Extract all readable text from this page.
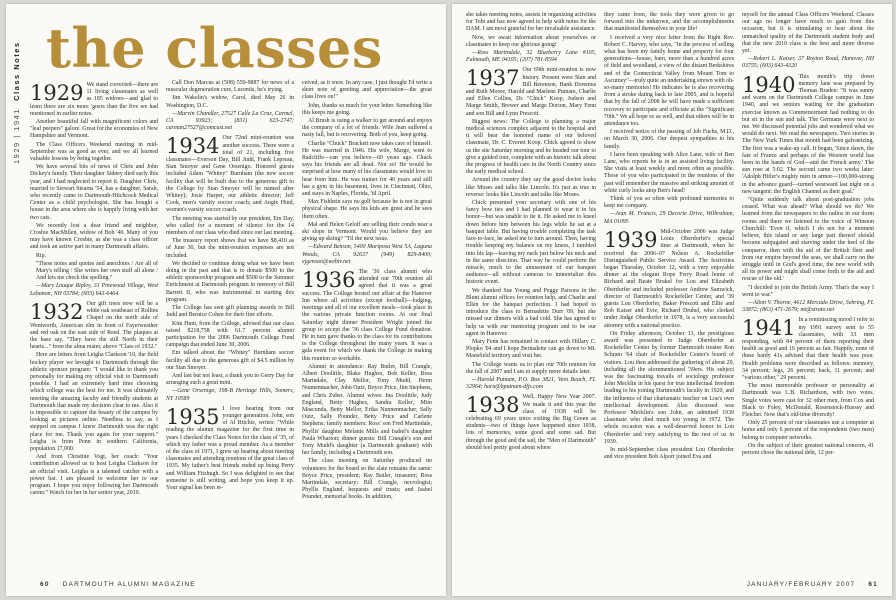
1929 | 1941  Class Notes the classes

1929 We stand corrected—there are 11 living classmates as well as 185 widows—and glad to learn there are six more 'goers than the five we had mentioned in earlier notes.

Another beautiful fall with magnificent colors and "leaf peepers" galore. Great for the economies of New Hampshire and Vermont.

The Class Officers Weekend meeting in mid-September was as good as ever, and we all learned valuable lessons by being together.

We have several bits of news of Chris and John Dickey's family. Their daughter Sidney died early this year, and I had neglected to report it. Daughter Chris, married to Stewart Stearns '54, has a daughter, Sarah, who recently came to Dartmouth-Hitchcock Medical Center as a child psychologist. She has bought a house in the area where she is happily living with her two cats.

We recently lost a dear friend and neighbor, Crosbie MacMillen, widow of Bob '40. Many of you may have known Crosbie, as she was a class officer and took an active part in many Dartmouth affairs.

Rip.

"These notes and quotes and anecdotes / Are all of Mary's telling / She writes her own stuff all alone / And lets me check the spelling."

—Mary Louque Ripley, 31 Pinewood Village, West Lebanon, NH 03784; (603) 643-6464

1932 Our gift trees now will be a white oak southeast of Rollins Chapel on the north side of Wentworth, American elm in front of Fayerweather and red oak on the east side of Reed. The plaques at the base say, "They have the still North in their hearts..." from the alma mater, above "Class of 1932."

Here are letters from Leigha Clarkson '10, the field hockey player we brought to Dartmouth through the athletic sponsor program: "I would like to thank you personally for making my official visit to Dartmouth possible. I had an extremely hard time choosing which college was the best for me. It was ultimately meeting the amazing faculty and friendly students at Dartmouth that made my decision clear to me. Also it is impossible to capture the beauty of the campus by looking at pictures online. Needless to say, as I stepped on campus I knew Dartmouth was the right place for me. Thank you again for your support." Leigha is from Penn in southern California, population 17,000.

And from Christine Vogt, her coach: "Your contribution allowed us to host Leigha Clarkson for an official visit. Leigha is a talented catcher with a power bat. I am pleased to welcome her to our program. I hope you enjoy following her Dartmouth career." Watch for her in her senior year, 2010.

Call Don Marcus at (508) 559-9887 for news of a muscular degeneration cure, Lucentis, he's trying.

Jim Wakelin's widow, Carol, died May 26 in Washington, D.C.

—Marvin Chandler, 27527 Calle La Cruz, Carmel, CA 93923; (831) 623-2747; carman27527@comcast.net

1934 Our 72nd mini-reunion was another success. There were a total of 21, including five classmates—Everson Day, Bill Judd, Frank Lepreau, Stan Smoyer and Gene Orsenigo. Honored guests included Adam "Whitey" Burnham (the new soccer facility that will be built due to the generous gift to the College by Stan Smoyer will be named after Whitey); Josie Harper, our athletic director; Jeff Cook, men's varsity soccer coach; and Angie Hind, women's varsity soccer coach.

The meeting was started by our president, Em Day, who called for a moment of silence for the 14 members of our class who died since our last meeting.

The treasury report shows that we have $8,410 as of June 30, but the mini-reunion expenses are not included.

We decided to continue doing what we have been doing in the past and that is to donate $500 to the athletic sponsorship program and $500 to the Summer Enrichment at Dartmouth program in memory of Bill Barrett II, who was instrumental in starting this program.

The College has sent gift planning awards to Bill Judd and Bernice Cohen for their fine efforts.

Kim Hunt, from the College, advised that our class raised $218,758 with 61.7 percent alumni participation for the 2006 Dartmouth College Fund campaign that ended June 30, 2006.

Em talked about the "Whitey" Burnham soccer facility all due to the generous gift of $4.5 million by our Stan Smoyer.

And last but not least, a thank you to Gerry Day for arranging such a great mini.

—Gene Orsenigo, 198-B Heritage Hills, Somers, NY 10589

1935 I love hearing from our younger generation. John, son of Al Ritchie, writes: "While reading the alumni magazine for the first time in years I checked the Class Notes for the class of '35, of which my father was a proud member. As a member of the class of 1971, I grew up hearing about meeting classmates and attending reunions of the great class of 1935. My father's best friends ended up being Perry and William Fitzhugh. So I was delighted to see that someone is still writing, and hope you keep it up. Your signal has been re-

ceived, as it were. In any case, I just thought I'd write a short note of greeting and appreciation—the great class lives on!"

John, thanks so much for your letter. Something like this keeps me going.

Al Brush is using a walker to get around and enjoys the company of a lot of friends. Wife Jean suffered a nasty fall, but is recovering. Both of you, keep going.

Charlie "Chuck" Brackett now takes care of himself. He was married in 1946. His wife, Marge, went to Radcliffe—can you believe—60 years ago. Chuck says his friends are all dead. Not so! He would be surprised at how many of his classmates would love to hear from him. He was trainer for 40 years and still has a gym in his basement, lives in Cincinnati, Ohio, and stays in Naples, Florida, 'til April.

Max Fishbein says no golf because he is not in great physical shape. He says his kids are great and he sees them often.

Mal and Helen Geloff are selling their condo near a ski slope in Vermont. Would you believe they are giving up skiing? "Til the next issue.

—Edward Benson, 5400 Mariposa West 5A, Laguna Woods, CA 92637 (949) 829-8400; ejgenson@webtv.net

1936 The '36 class alumni who attended our 70th reunion all agreed that it was a great success. The College hosted our affair at the Hanover Inn where all activities (except football)—lodging, meetings and all of our excellent meals—took place in the various private function rooms. At our final Saturday night dinner President Wright joined the group to accept the '36 class College Fund donation. He in turn gave thanks to the class for its contributions to the College throughout the many years. It was a gala event for which we thank the College in making this reunion so workable.

Alumni in attendance: Ray Butler, Bill Crangle, Albert Doolittle, Blake Hughes, Bob Keller, Ross Marindale, Clay Mellor, Tony Mudd, Herm Nunnenmacher, John Outz, Boyce Price, Jim Stephens, and Chris Zuber. Alumni wives: Ina Doolittle, Judy England, Betty Hughes, Sandra Keller, Mim Mascunda, Betty Mellor, Erika Nunnenmacher, Sally Outz, Sally Pounder, Betty Price and Carlene Stephens; family members: Ross' son Fred Martindale, Phyllis' daughter Melanie Mills and Isabel's daughter Paula Wharton; dinner guests: Bill Crangle's son and Tony Mudd's daughter (a Dartmouth graduate) with her family, including a Dartmouth son.

The class meeting on Saturday produced no volunteers for the board so the slate remains the same: Boyce Price, president; Ray Butler, treasurer; Ross Martindale, secretary; Bill Crangle, necrologist; Phyllis England, bequests and trusts; and Isabel Pounder, memorial books. In addition,

60 DARTMOUTH ALUMNI MAGAZINE

she takes meeting notes, assists in organizing activities for Tobi and has now agreed to help with notes for the DAM. I am most grateful for her invaluable assistance.

Now, we await information about yourselves or classmates to keep our glorious going!

—Ross Martindale, 32 Blueberry Lane #105, Falmouth, ME 04105; (207) 781-8594

1937 Our 69th mini-reunion is now history. Present were Stan and Bill Berenson, Hank Doremus and Ruth Moore, Harold and Marlene Putnam, Charlie and Ellen Collins, Dr. "Chick" Koop, Judson and Marge Smith, Brewer and Marge Dorion, Mary Fenn and son Bill and Lynn Prescott.

Biggest news: The College is planning a major medical sciences complex adjacent to the hospital and it will bear the honored name of our beloved classmate, Dr. C. Everett Koop. Chick agreed to show us the site Saturday morning and he headed our tour to give a guided tour, complete with an historic talk about the progress of health care in the North Country since the early medical school.

Around the country they say the good doctor looks like Moses and talks like Lincoln. It's just as true in reverse: looks like Lincoln and talks like Moses.

Chick presented your secretary with one of his fancy bow ties and I had planned to wear it in his honor—but was unable to tie it. He asked me to kneel down before him between his legs while he sat at a banquet table. But having trouble completing the task face-to-face, he asked me to turn around. Then, having trouble keeping my balance on my knees, I tumbled into his lap—leaving my neck just below his neck and in the same direction. That way he could perform the miracle, much to the amusement of our banquet audience—all without cameras to immortalize this historic event.

We thanked Sue Young and Peggy Parsons in the Blunt alumni offices for reunion help, and Charlie and Ellen for the banquet perfection. I had hoped to introduce the class to Bernadette Durr '09, but she missed our dinners with a bad cold. She has agreed to help us with our mentoring program and to be our agent in Hanover.

Mary Fenn has remained in contact with Hillary C. Plopko '04 and I hope Bernadette can go down to Mt. Mansfield territory and visit her.

The College wants us to plan our 70th reunion for the fall of 2007 and I am to supply more details later.

—Harold Putnam, P.O. Box 3821, Vero Beach, FL 32964; hara@hputnam-dfjs.com

1938 Well, Happy New Year 2007. We made it and this year the class of 1938 will be celebrating 69 years since exiting the Big Green as students—two of things have happened since 1938, lots of memories, some good and some sad. But through the good and the sad, the "Men of Dartmouth" should feel pretty good about where

they came from, the tools they were given to go forward into the unknown, and the accomplishments that manifested themselves in your life!

I received a very nice letter from the Right Rev. Robert C. Harvey, who says, "In the process of selling what has been my family home and property for four generations—house, barn, more than a hundred acres of field and woodland, a view of the distant Berkshires and of the Connecticut Valley from Mount Tom to Ascutney"—truly quite an undertaking strewn with oh-so-many memories! He indicates he is also recovering from a stroke dating back to late 2005, and is hopeful that by the fall of 2008 he will have made a sufficient recovery to participate and officiate at the "Significant 70th." We all hope so as well, and that others will be in attendance too.

I received notice of the passing of Job Fuchs, M.D., on March 30, 2006. Our deepest sympathies to his family.

I have been speaking with Alice Lane, wife of Ben Lane, who reports he is in an assisted living facility. She visits at least weekly and more often as possible. Those of you who participated in the reunions of the past will remember the massive and striking amount of white curly locks atop Ben's head!

Think of you so often with profound memories to keep me company.

—Jean M. Francis, 29 Decorte Drive, Wilbraham, MA 01095

1939 Mid-October 2006 was Judge Louis Oberdorfer's special time at Dartmouth, when he received the 2006–07 Nelson A. Rockefeller Distinguished Public Service Award. The festivities began Thursday, October 12, with a very enjoyable dinner at the elegant Rope Ferry Road home of Richard and Beate Brukel for Lou and Elizabeth Oberdorfer and included professor Andrew Samwick, director of Dartmouth's Rockefeller Center, and '39 guests Lou Oberdorfer, Baker Prescott and Ellie and Bob Kaiser and Evie, Richard Drubel, who clerked under Judge Oberdorfer in 1978, is a very successful attorney with a national practice.

On Friday afternoon, October 13, the prestigious award was presented to Judge Oberdorfer at Rockefeller Center by former Dartmouth trustee Ron Schram '64 chair of Rockefeller Center's board of visitors. Lou then addressed the gathering of about 20, including all the aforementioned '39ers. His subject was the fascinating travails of sociology professor John Mecklin in his quest for true intellectual freedom leading to his joining Dartmouth's faculty in 1920, and the influence of that charismatic teacher on Lou's own intellectual development. Also discussed was Professor Mecklin's son John, an admitted 1939 classmate who died much too young in 1972. The whole occasion was a well-deserved honor to Lou Oberdorfer and very satisfying to the rest of us in 1939.

In mid-September class president Lou Oberdorfer and vice president Bob Alport joined Eva and

myself for the annual Class Officers Weekend. Classes our age no longer have much to gain from this occasion, but it is stimulating to hear about the unmatched quality of the Dartmouth student body and that the new 2010 class is the best and more diverse yet.

—Robert L. Kaiser, 37 Royton Road, Hanover, NH 03755; (603) 643-4320

1940 This month's trip down memory lane was prepared by Thomas Braden: "It was sunny and warm on the Dartmouth College campus in June 1940, and we seniors waiting for the graduation exercise known as Commencement had nothing to do but sit in the sun and talk. The Germans were next to me. We discussed potential jobs and wondered what we would do next. We read the newspapers. Two stories in The New York Times that month had been galvanizing. The first was a wake-up call. It began, 'Since dawn, the fate of France and perhaps of the Western world has been in the hands of God—and the French army.' The sun rose at 5:02. The second came two weeks later: 'Adolph Hitler's mighty men in armor—100,000-strong in the advance guard—turned westward last night on a new tangent: the English Channel as their goal.'

"Quite suddenly talk about post-graduation jobs ceased. What was ahead? What should we do? We learned from the newspapers to the radios in our dorm rooms and there we listened to the voice of Winston Churchill: 'Even if, which I do not for a moment believe, this island or any large part thereof should become subjugated and starving under the heel of the conqueror, then with the aid of the British fleet and from our empire beyond the seas, we shall carry on the struggle until in God's good time, the new world with all its power and might shall come forth to the aid and rescue of the old.'

"I decided to join the British Army. That's the way I went to war."

—Alton V. Thorne, 4612 Mercado Drive, Sebring, FL 33872; (863) 471-2679; mt@strato.net

1941 In a reminiscing mood I refer to my 1991 survey sent to 55 classmates, with 33 men responding, with 84 percent of them reporting their health as good and 16 percent as fair. Happily, none of these hardy 41s advised that their health was poor. Health problems were described as follows: memory, 34 percent; legs, 26 percent; back, 11 percent; and "various other," 29 percent.

The most memorable professor or personality at Dartmouth was L.B. Richardson, with two votes. Single votes were cast for 32 other men, from Cox and Black to Foley, McDonald, Rosenstock-Huessy and Fletcher. Now that's old-time diversity!

Only 25 percent of our classmates use a computer at home and only 6 percent of the respondents (two men) belong to computer networks.

On the subject of their greatest national concern, 41 percent chose the national debt, 12 per-

JANUARY/FEBRUARY 2007 61
